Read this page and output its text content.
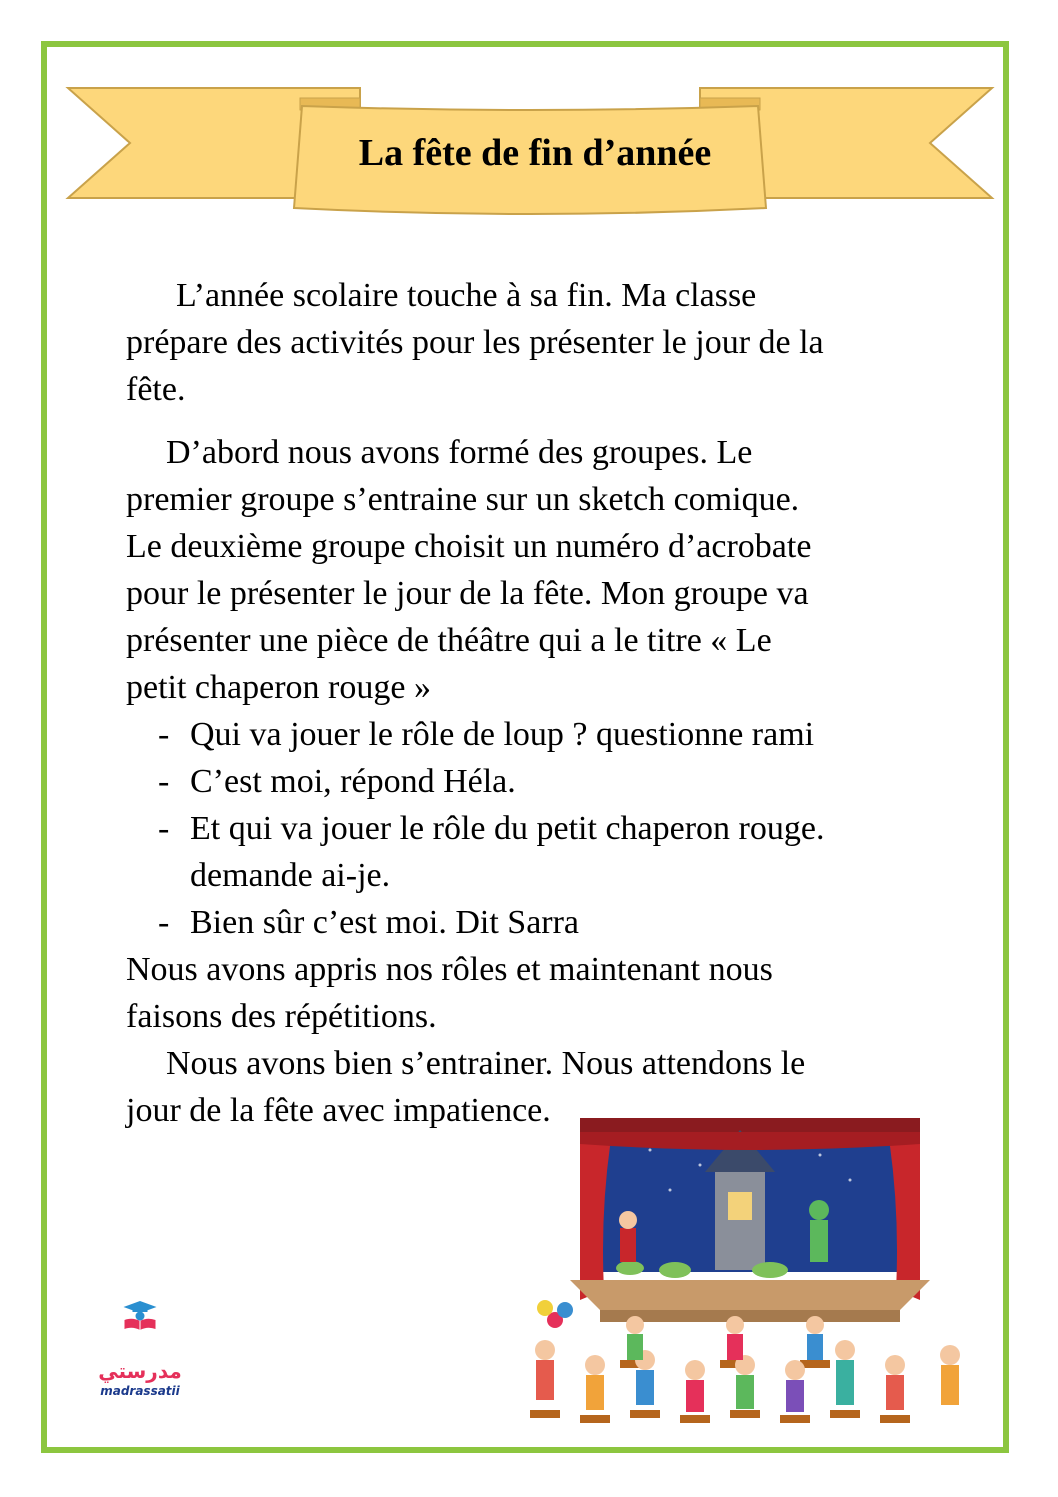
La fête de fin d’année

L’année scolaire touche à sa fin. Ma classe
prépare des activités pour les présenter le jour de la
fête.

D’abord nous avons formé des groupes. Le
premier groupe s’entraine sur un sketch comique.
Le deuxième groupe choisit un numéro d’acrobate
pour le présenter le jour de la fête. Mon groupe va
présenter une pièce de théâtre qui a le titre « Le
petit chaperon rouge »

- Qui va jouer le rôle de loup ? questionne rami
- C’est moi, répond Héla.
- Et qui va jouer le rôle du petit chaperon rouge.
demande ai-je.
- Bien sûr c’est moi. Dit Sarra

Nous avons appris nos rôles et maintenant nous
faisons des répétitions.

Nous avons bien s’entrainer. Nous attendons le
jour de la fête avec impatience.

مدرستي
madrassatii
